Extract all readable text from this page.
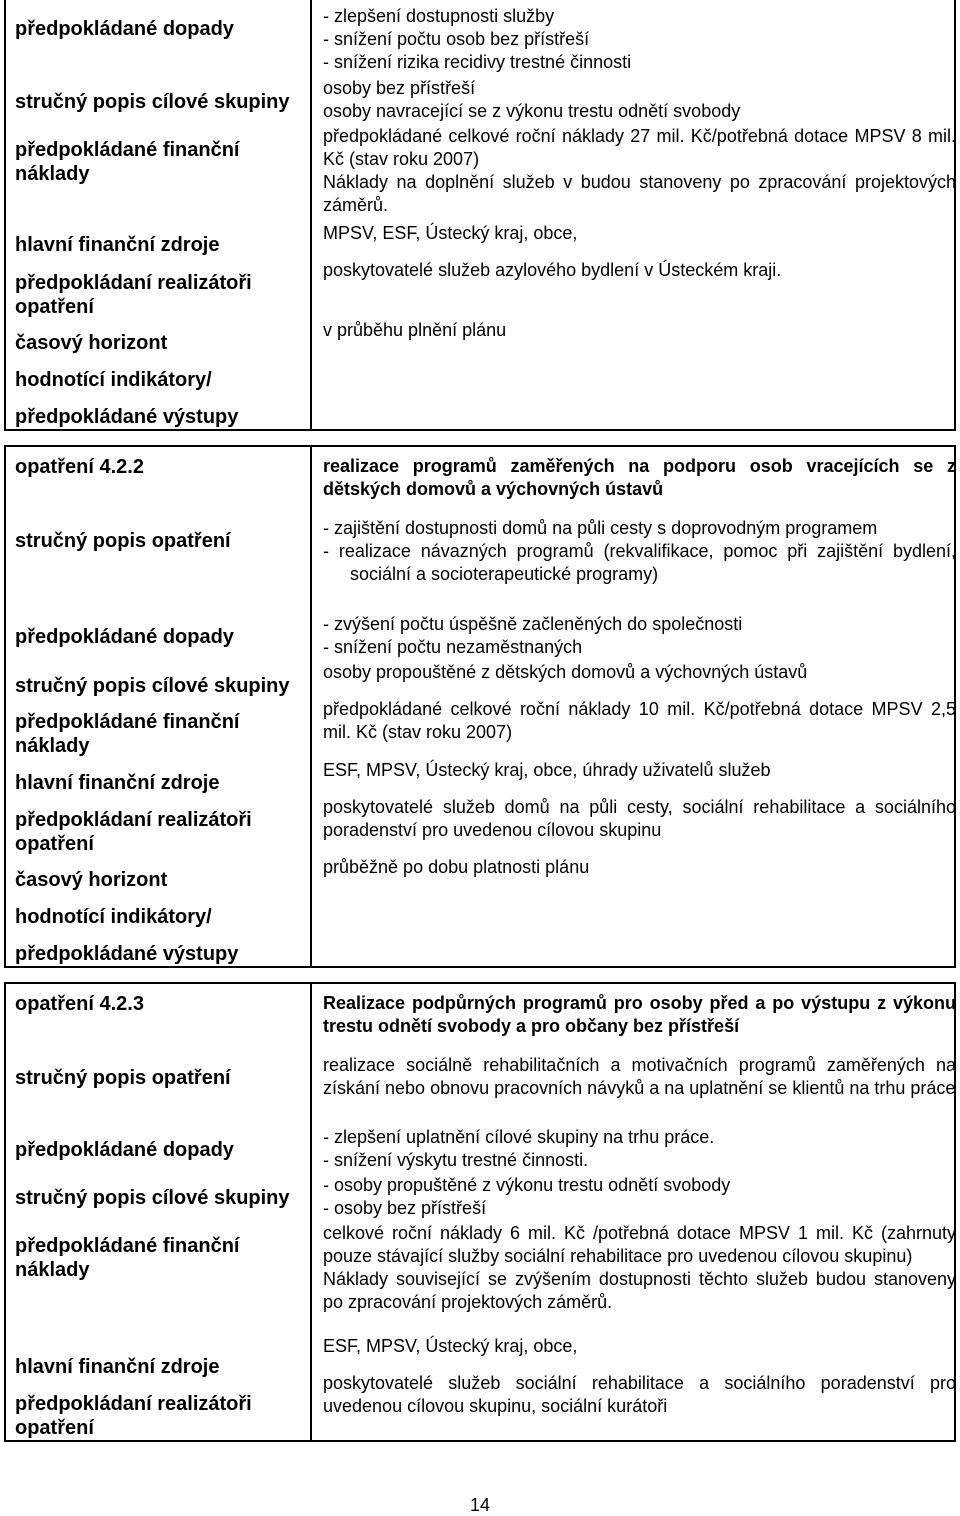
předpokládané dopady

- zlepšení dostupnosti služby

- snížení počtu osob bez přístřeší

- snížení rizika recidivy trestné činnosti

stručný popis cílové skupiny

osoby bez přístřeší

osoby navracející se z výkonu trestu odnětí svobody

předpokládané finanční náklady

předpokládané celkové roční náklady 27 mil. Kč/potřebná dotace MPSV 8 mil. Kč (stav roku 2007)

Náklady na doplnění služeb v budou stanoveny po zpracování projektových záměrů.

hlavní finanční zdroje

MPSV, ESF, Ústecký kraj, obce,

předpokládaní realizátoři opatření

poskytovatelé služeb azylového bydlení v Ústeckém kraji.

časový horizont

v průběhu plnění plánu

hodnotící indikátory/
předpokládané výstupy
opatření 4.2.2	realizace programů zaměřených na podporu osob vracejících se z dětských domovů a výchovných ústavů

stručný popis opatření

- zajištění dostupnosti domů na půli cesty s doprovodným programem

- realizace návazných programů (rekvalifikace, pomoc při zajištění bydlení, sociální a socioterapeutické programy)

předpokládané dopady

- zvýšení počtu úspěšně začleněných do společnosti

- snížení počtu nezaměstnaných

stručný popis cílové skupiny

osoby propouštěné z dětských domovů a výchovných ústavů

předpokládané finanční náklady

předpokládané celkové roční náklady 10 mil. Kč/potřebná dotace MPSV 2,5 mil. Kč (stav roku 2007)

hlavní finanční zdroje

ESF, MPSV, Ústecký kraj, obce, úhrady uživatelů služeb

předpokládaní realizátoři opatření

poskytovatelé služeb domů na půli cesty, sociální rehabilitace a sociálního poradenství pro uvedenou cílovou skupinu

časový horizont

průběžně po dobu platnosti plánu

hodnotící indikátory/
předpokládané výstupy
opatření 4.2.3	Realizace podpůrných programů pro osoby před a po výstupu z výkonu trestu odnětí svobody a pro občany bez přístřeší

stručný popis opatření

realizace sociálně rehabilitačních a motivačních programů zaměřených na získání nebo obnovu pracovních návyků a na uplatnění se klientů na trhu práce

předpokládané dopady

- zlepšení uplatnění cílové skupiny na trhu práce.

- snížení výskytu trestné činnosti.

stručný popis cílové skupiny

- osoby propuštěné z výkonu trestu odnětí svobody

- osoby bez přístřeší

předpokládané finanční náklady

celkové roční náklady 6 mil. Kč /potřebná dotace MPSV 1 mil. Kč (zahrnuty pouze stávající služby sociální rehabilitace pro uvedenou cílovou skupinu)

Náklady související se zvýšením dostupnosti těchto služeb budou stanoveny po zpracování projektových záměrů.

hlavní finanční zdroje

ESF, MPSV, Ústecký kraj, obce,

předpokládaní realizátoři opatření

poskytovatelé služeb sociální rehabilitace a sociálního poradenství pro uvedenou cílovou skupinu, sociální kurátoři

14
